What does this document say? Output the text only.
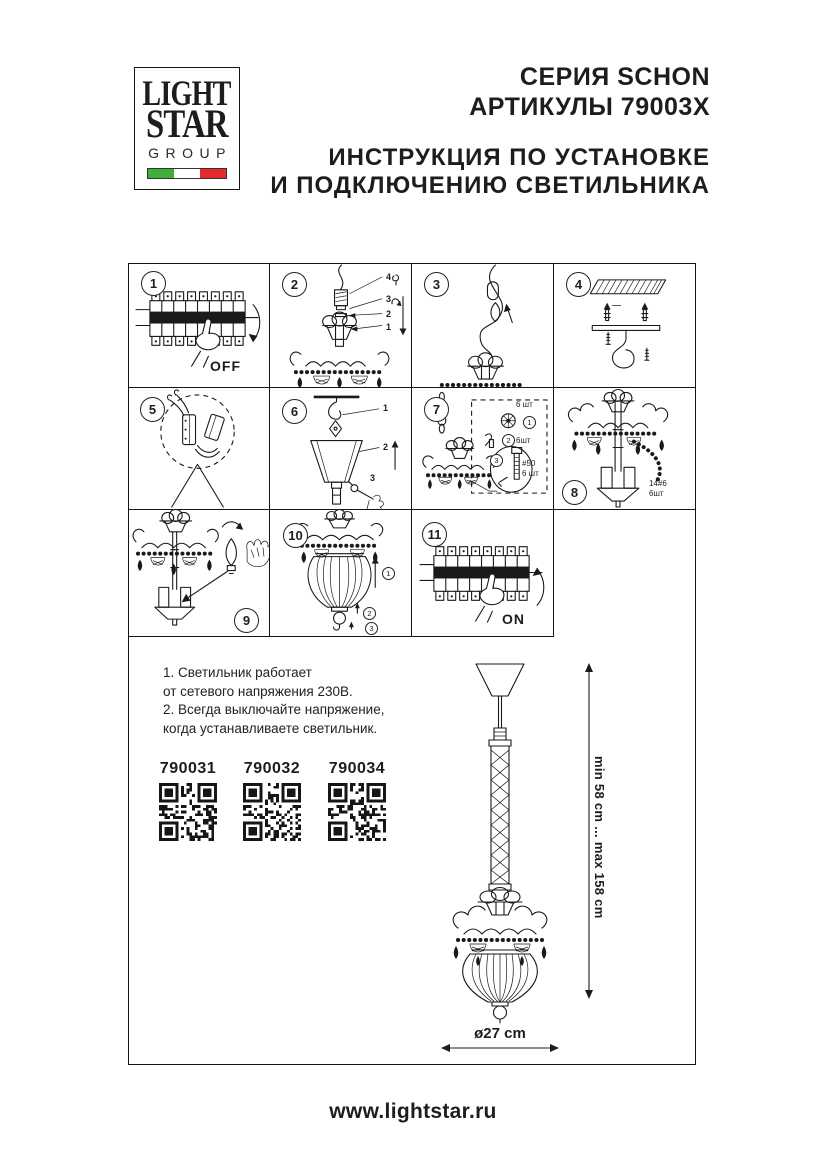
LIGHT
STAR
GROUP
СЕРИЯ SCHON
АРТИКУЛЫ 79003Х
ИНСТРУКЦИЯ ПО УСТАНОВКЕ
И ПОДКЛЮЧЕНИЮ СВЕТИЛЬНИКА
1
OFF
2	4
3
2
1
3	4
5	6	1
2
3
7	6 шт
1
2 6шт
3	#50
6 шт
8
14#6
6шт
9
10
1
2
3
11
ON
1. Светильник работает
от сетевого напряжения 230В.
2. Всегда выключайте напряжение,
когда устанавливаете светильник.
790031 790032 790034	min 58 cm ... max 158 cm
ø27 cm
www.lightstar.ru
